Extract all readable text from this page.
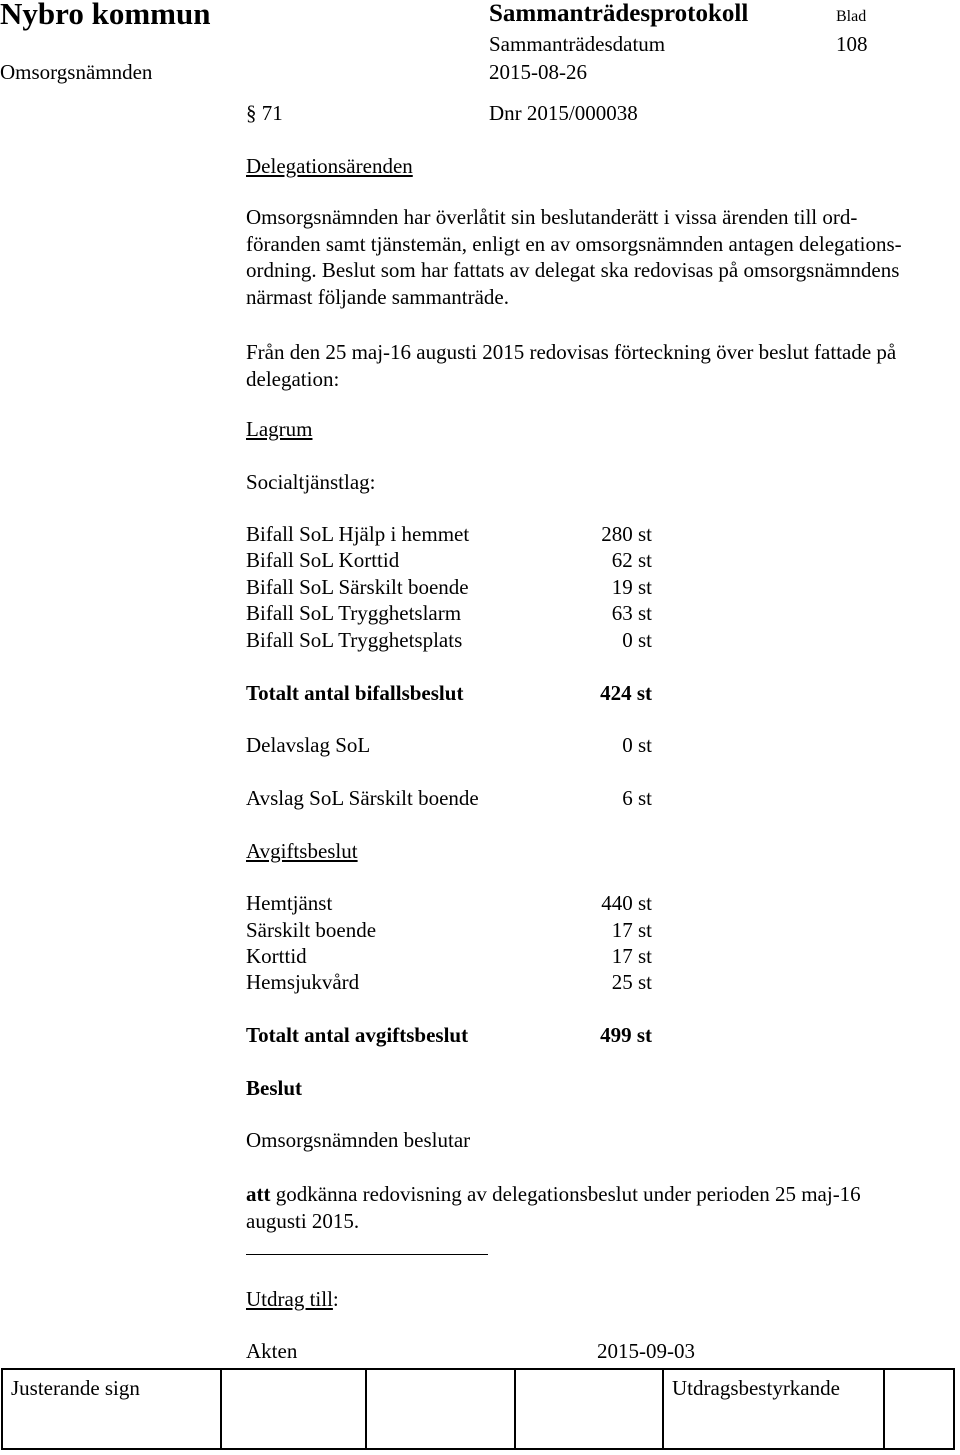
Nybro kommun	Sammanträdesprotokoll	Blad
Sammanträdesdatum	108
Omsorgsnämnden	2015-08-26
§ 71	Dnr 2015/000038
Delegationsärenden
Omsorgsnämnden har överlåtit sin beslutanderätt i vissa ärenden till ord-
föranden samt tjänstemän, enligt en av omsorgsnämnden antagen delegations-
ordning. Beslut som har fattats av delegat ska redovisas på omsorgsnämndens
närmast följande sammanträde.
Från den 25 maj-16 augusti 2015 redovisas förteckning över beslut fattade på
delegation:
Lagrum
Socialtjänstlag:
Bifall SoL Hjälp i hemmet	280 st
Bifall SoL Korttid	62 st
Bifall SoL Särskilt boende	19 st
Bifall SoL Trygghetslarm	63 st
Bifall SoL Trygghetsplats	0 st
Totalt antal bifallsbeslut	424 st
Delavslag SoL	0 st
Avslag SoL Särskilt boende	6 st
Avgiftsbeslut
Hemtjänst	440 st
Särskilt boende	17 st
Korttid	17 st
Hemsjukvård	25 st
Totalt antal avgiftsbeslut	499 st
Beslut
Omsorgsnämnden beslutar
att godkänna redovisning av delegationsbeslut under perioden 25 maj-16
augusti 2015.
Utdrag till:
Akten	2015-09-03
Justerande sign	Utdragsbestyrkande
